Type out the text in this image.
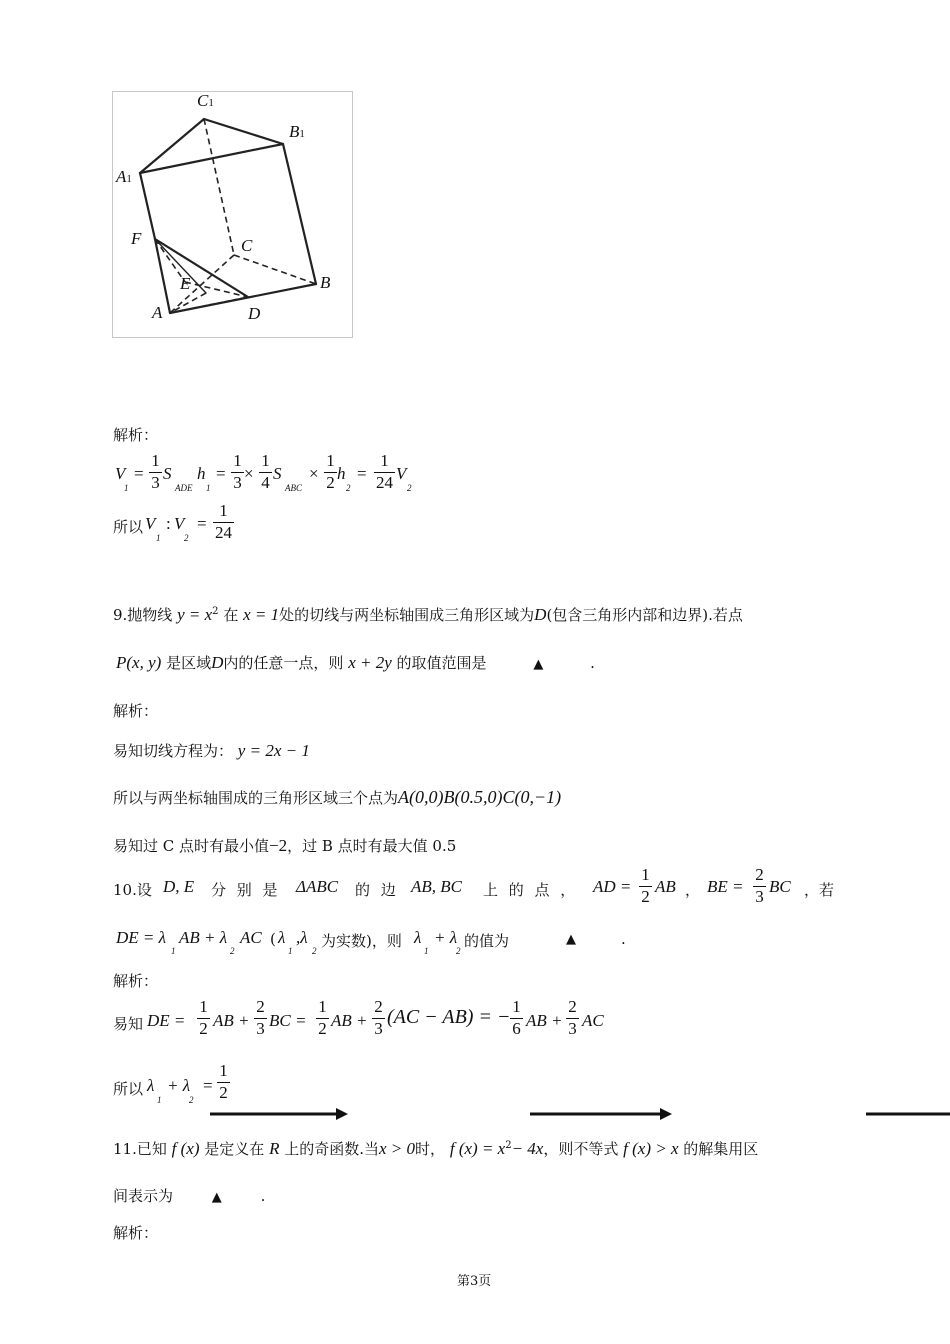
C1
B1
A1
F	C
E	B
A	D
解析：
V
1
=
1
3 S
ADE
h
1
=
1
3 ×
1
4 S
ABC
×
1
2 h
2
=
1
24 V
2
所以 V
1
: V
2
=
1
24
9.抛物线 $y = x^2$ 在 x = 1处的切线与两坐标轴围成三角形区域为D(包含三角形内部和边界).若点
P(x, y) 是区域D内的任意一点，则 x + 2y 的取值范围是	▲	.
解析：
易知切线方程为： y = 2x − 1
所以与两坐标轴围成的三角形区域三个点为A(0,0)B(0.5,0)C(0,−1)
易知过 C 点时有最小值−2，过 B 点时有最大值 0.5
10.设 D, E 分 别 是 ΔABC 的 边 AB, BC 上 的 点 ， AD =
1
2
AB ， BE =
2
3
BC ，若
DE = λ
1
AB + λ
2
AC ( λ
1
,λ
2
为实数)，则 λ
1
+ λ
2
的值为	▲	.
解析：
易知 DE =
1
2 AB +
2
3 BC =
1
2 AB +
2
3
(AC − AB) = − 1
6 AB +
2
3 AC
所以 λ
1
+ λ
2
=
1
2
11.已知 f (x) 是定义在 R 上的奇函数.当x > 0时， f $(x) = x^2- 4x$，则不等式 f (x) > x 的解集用区
间表示为	▲	.
解析：
第3页
